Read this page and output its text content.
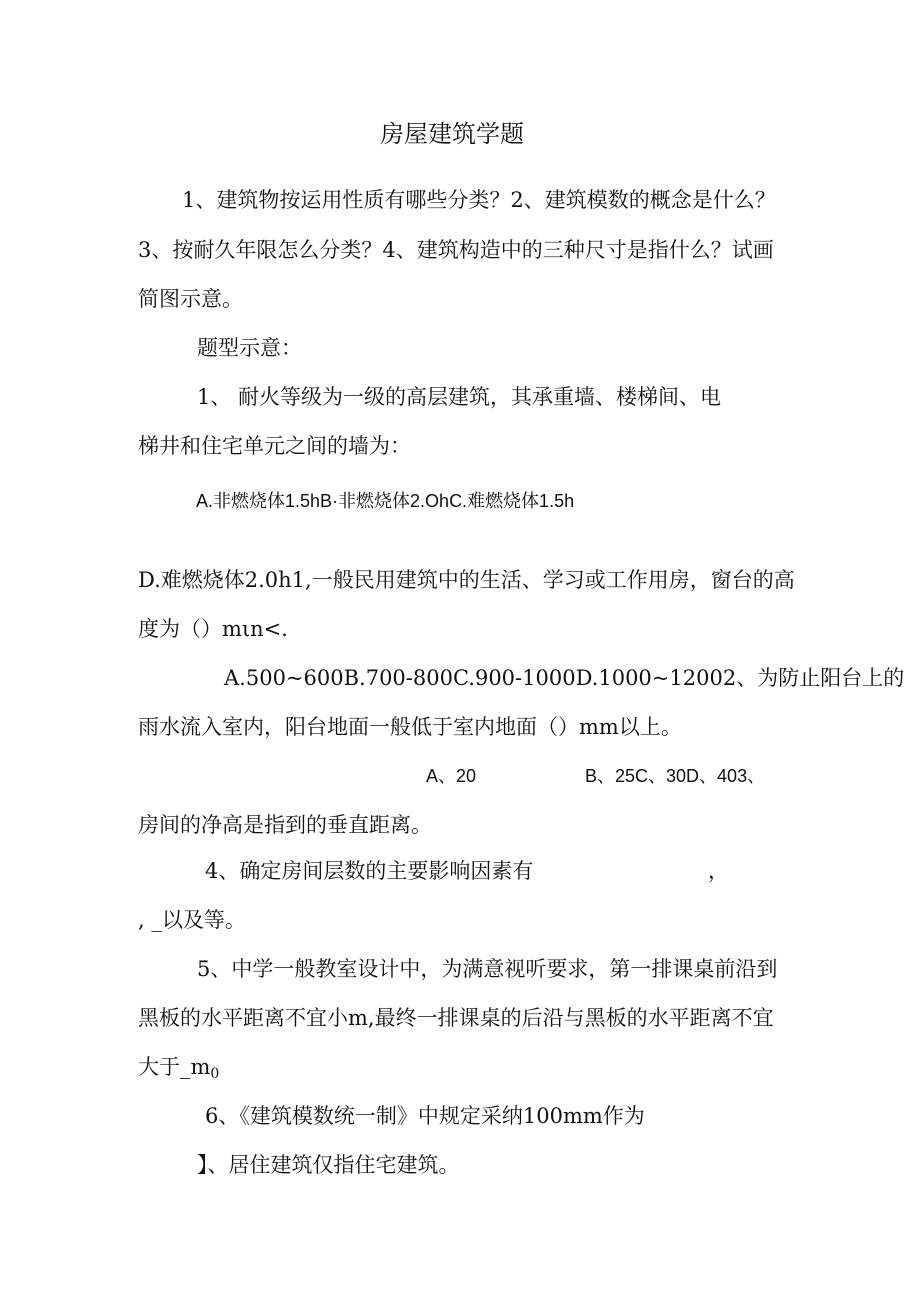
房屋建筑学题
1、建筑物按运用性质有哪些分类？2、建筑模数的概念是什么？
3、按耐久年限怎么分类？4、建筑构造中的三种尺寸是指什么？试画
简图示意。
题型示意：
1、 耐火等级为一级的高层建筑，其承重墙、楼梯间、电
梯井和住宅单元之间的墙为：
A.非燃烧体1.5hB·非燃烧体2.OhC.难燃烧体1.5h
D.难燃烧体2.0h1,一般民用建筑中的生活、学习或工作用房，窗台的高
度为（）mιn<.
A.500~600B.700-800C.900-1000D.1000~12002、为防止阳台上的
雨水流入室内，阳台地面一般低于室内地面（）mm以上。
A、20	B、25C、30D、403、
房间的净高是指到的垂直距离。
4、确定房间层数的主要影响因素有	，
, _以及等。
5、中学一般教室设计中，为满意视听要求，第一排课桌前沿到
黑板的水平距离不宜小m,最终一排课桌的后沿与黑板的水平距离不宜
大于$\_m_0$
6、《建筑模数统一制》中规定采纳100mm作为
】、居住建筑仅指住宅建筑。
